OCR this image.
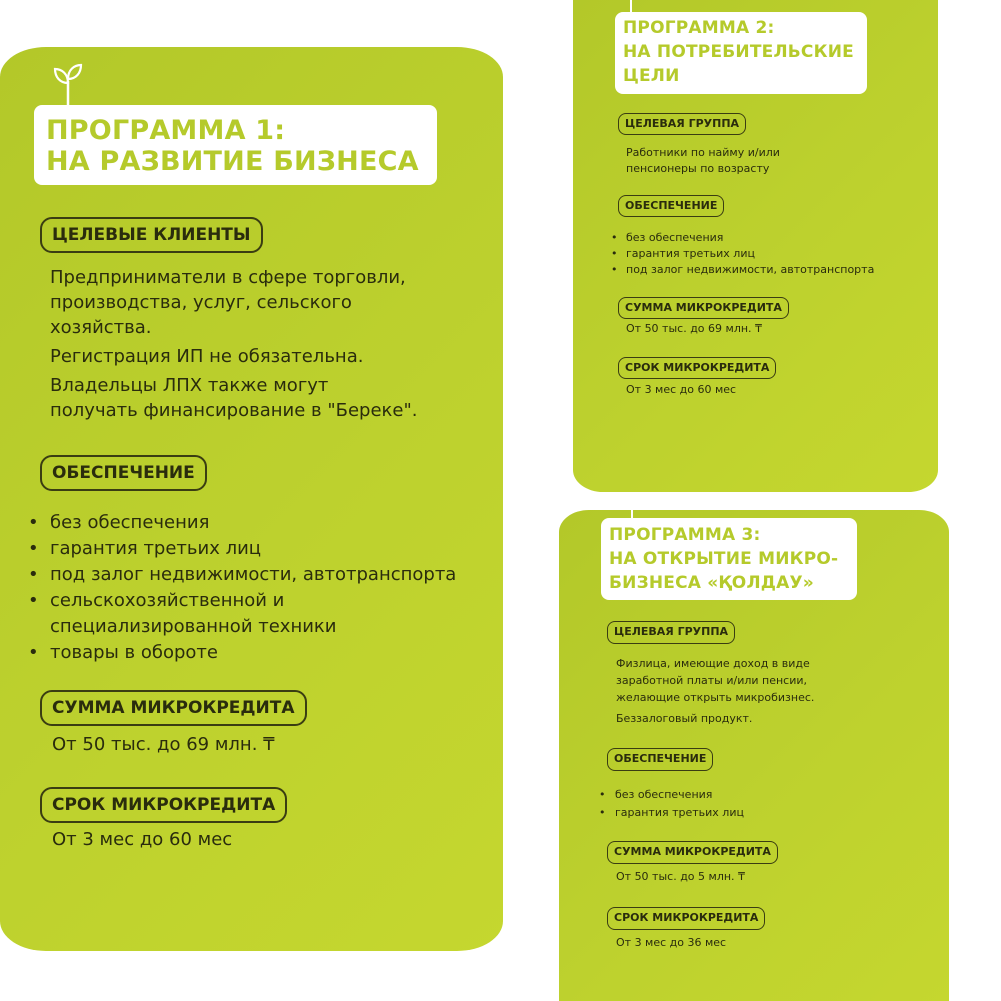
ПРОГРАММА 1:
НА РАЗВИТИЕ БИЗНЕСА
ЦЕЛЕВЫЕ КЛИЕНТЫ
Предприниматели в сфере торговли,
производства, услуг, сельского
хозяйства.
Регистрация ИП не обязательна.
Владельцы ЛПХ также могут
получать финансирование в "Береке".
ОБЕСПЕЧЕНИЕ
• без обеспечения
• гарантия третьих лиц
• под залог недвижимости, автотранспорта
• сельскохозяйственной и
специализированной техники
• товары в обороте
СУММА МИКРОКРЕДИТА
От 50 тыс. до 69 млн. ₸
СРОК МИКРОКРЕДИТА
От 3 мес до 60 мес
ПРОГРАММА 2:
НА ПОТРЕБИТЕЛЬСКИЕ
ЦЕЛИ
ЦЕЛЕВАЯ ГРУППА
Работники по найму и/или
пенсионеры по возрасту
ОБЕСПЕЧЕНИЕ
• без обеспечения
• гарантия третьих лиц
• под залог недвижимости, автотранспорта
СУММА МИКРОКРЕДИТА
От 50 тыс. до 69 млн. ₸
СРОК МИКРОКРЕДИТА
От 3 мес до 60 мес
ПРОГРАММА 3:
НА ОТКРЫТИЕ МИКРО-
БИЗНЕСА «ҚОЛДАУ»
ЦЕЛЕВАЯ ГРУППА
Физлица, имеющие доход в виде
заработной платы и/или пенсии,
желающие открыть микробизнес.
Беззалоговый продукт.
ОБЕСПЕЧЕНИЕ
• без обеспечения
• гарантия третьих лиц
СУММА МИКРОКРЕДИТА
От 50 тыс. до 5 млн. ₸
СРОК МИКРОКРЕДИТА
От 3 мес до 36 мес
